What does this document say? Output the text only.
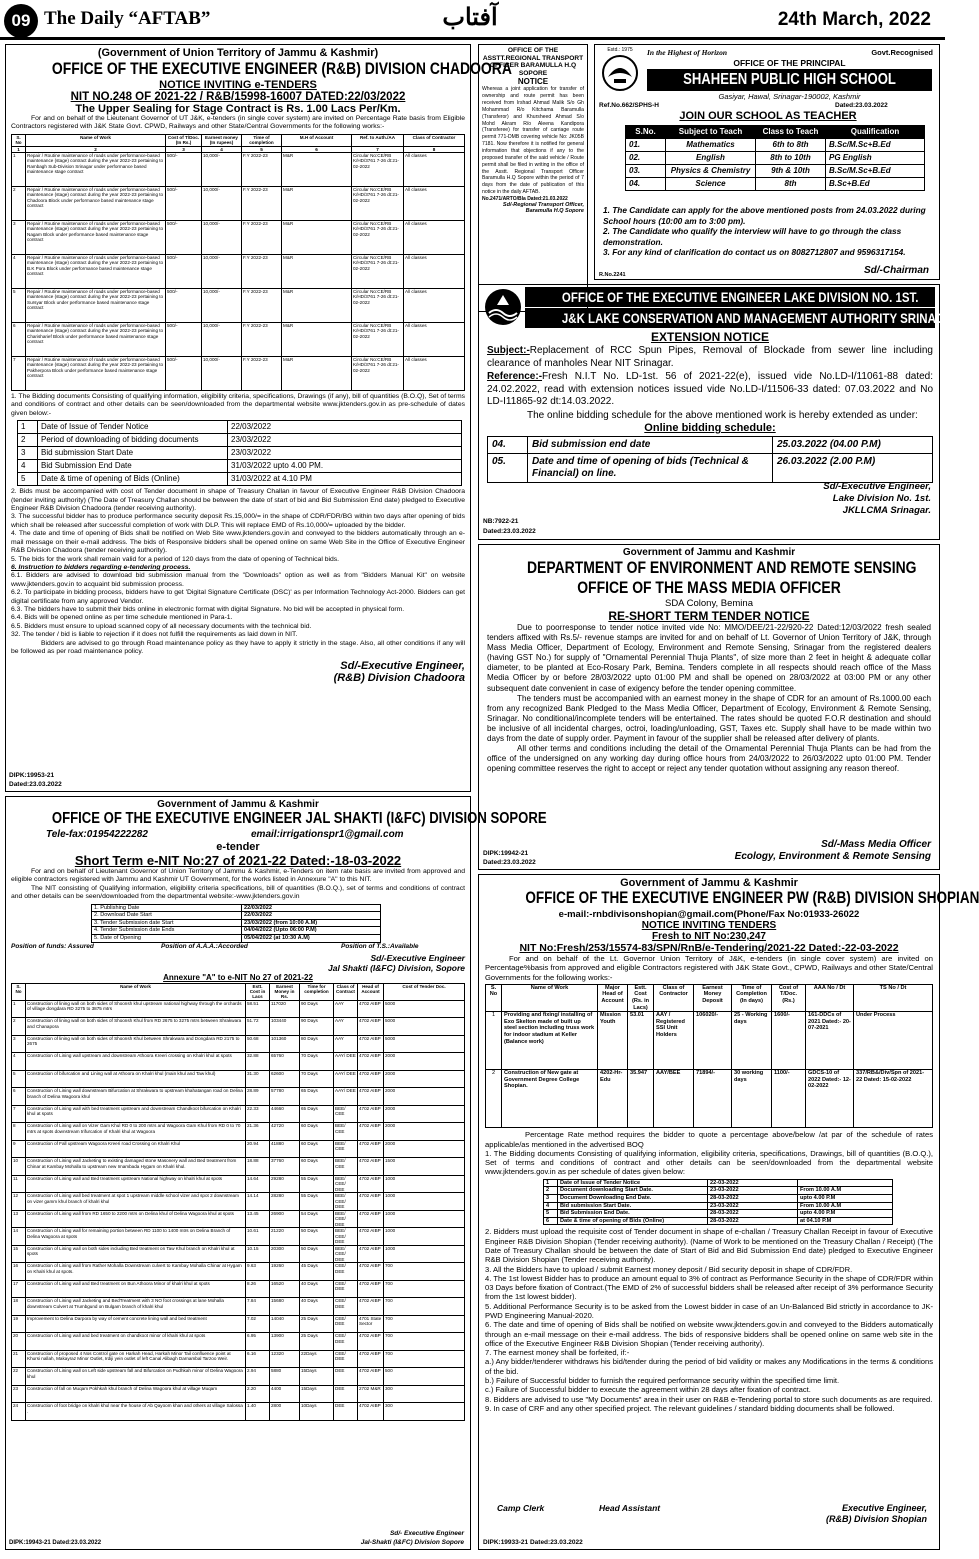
09 The Daily “AFTAB”	آفتاب	24th March, 2022
(Government of Union Territory of Jammu & Kashmir)
OFFICE OF THE EXECUTIVE ENGINEER (R&B) DIVISION CHADOORA
NOTICE INVITING e-TENDERS
NIT NO.248 OF 2021-22 / R&B/15998-16007 DATED:22/03/2022
The Upper Sealing for Stage Contract is Rs. 1.00 Lacs Per/Km.

For and on behalf of the Lieutenant Governor of UT J&K, e-tenders (in single cover system) are invited on Percentage Rate basis from Eligible Contractors registered with J&K State Govt. CPWD, Railways and other State/Central Governments for the following works:-

S. No	Name of Work	Cost of T/Doc. (In Rs.)	Earnest money (In rupees)	Time of completion	M.H of Account	Ref. to Auth./AA	Class of Contractor
1	2	3	4	5	6	7	8
1	Repair / Routine maintenance of roads under performance-based maintenance (stage) contract during the year 2022-23 pertaining to Rambagh Sub-Division Srinagar under performance based maintenance stage contract	500/-	10,000/-	F.Y 2022-23	M&R	Circular No:CE/RB K/HD/3761 7-26 dt:21-02-2022	All classes
2	Repair / Routine maintenance of roads under performance-based maintenance (stage) contract during the year 2022-23 pertaining to Chadoora Block under performance based maintenance stage contract	500/-	10,000/-	F.Y 2022-23	M&R	Circular No:CE/RB K/HD/3761 7-26 dt:21-02-2022	All classes
3	Repair / Routine maintenance of roads under performance-based maintenance (stage) contract during the year 2022-23 pertaining to Nagam Block under performance based maintenance stage contract	500/-	10,000/-	F.Y 2022-23	M&R	Circular No:CE/RB K/HD/3761 7-26 dt:21-02-2022	All classes
4	Repair / Routine maintenance of roads under performance-based maintenance (stage) contract during the year 2022-23 pertaining to B.K Pora Block under performance based maintenance stage contract	500/-	10,000/-	F.Y 2022-23	M&R	Circular No:CE/RB K/HD/3761 7-26 dt:21-02-2022	All classes
5	Repair / Routine maintenance of roads under performance-based maintenance (stage) contract during the year 2022-23 pertaining to Sursyar Block under performance based maintenance stage contract	500/-	10,000/-	F.Y 2022-23	M&R	Circular No:CE/RB K/HD/3761 7-26 dt:21-02-2022	All classes
6	Repair / Routine maintenance of roads under performance-based maintenance (stage) contract during the year 2022-23 pertaining to Charisharief Block under performance based maintenance stage contract	500/-	10,000/-	F.Y 2022-23	M&R	Circular No:CE/RB K/HD/3761 7-26 dt:21-02-2022	All classes
7	Repair / Routine maintenance of roads under performance-based maintenance (stage) contract during the year 2022-23 pertaining to Pakherpora Block under performance based maintenance stage contract	500/-	10,000/-	F.Y 2022-23	M&R	Circular No:CE/RB K/HD/3761 7-26 dt:21-02-2022	All classes

1. The Bidding documents Consisting of qualifying information, eligibility criteria, specifications, Drawings (if any), bill of quantities (B.O.Q), Set of terms and conditions of contract and other details can be seen/downloaded from the departmental website www.jktenders.gov.in as pre-schedule of dates given below:-

1	Date of Issue of Tender Notice	22/03/2022
2	Period of downloading of bidding documents	23/03/2022
3	Bid submission Start Date	23/03/2022
4	Bid Submission End Date	31/03/2022 upto 4.00 PM.
5	Date & time of opening of Bids (Online)	31/03/2022 at 4.10 PM

2. Bids must be accompanied with cost of Tender document in shape of Treasury Challan in favour of Executive Engineer R&B Division Chadoora (tender inviting authority) (The Date of Treasury Challan should be between the date of start of bid and Bid Submission End date) pledged to Executive Engineer R&B Division Chadoora (tender receiving authority).

3. The successful bidder has to produce performance security deposit Rs.15,000/= in the shape of CDR/FDR/BG within two days after opening of bids which shall be released after successful completion of work with DLP. This will replace EMD of Rs.10,000/= uploaded by the bidder.

4. The date and time of opening of Bids shall be notified on Web Site www.jktenders.gov.in and conveyed to the bidders automatically through an e-mail message on their e-mail address. The bids of Responsive bidders shall be opened online on same Web Site in the Office of Executive Engineer R&B Division Chadoora (tender receiving authority).

5. The bids for the work shall remain valid for a period of 120 days from the date of opening of Technical bids.

6. Instruction to bidders regarding e-tendering process.

6.1. Bidders are advised to download bid submission manual from the "Downloads" option as well as from "Bidders Manual Kit" on website www.jktenders.gov.in to acquaint bid submission process.

6.2. To participate in bidding process, bidders have to get 'Digital Signature Certificate (DSC)' as per Information Technology Act-2000. Bidders can get digital certificate from any approved Vendor.

6.3. The bidders have to submit their bids online in electronic format with digital Signature. No bid will be accepted in physical form.

6.4. Bids will be opened online as per time schedule mentioned in Para-1.

6.5. Bidders must ensure to upload scanned copy of all necessary documents with the technical bid.

32. The tender / bid is liable to rejection if it does not fulfill the requirements as laid down in NIT.

Bidders are advised to go through Road maintenance policy as they have to apply it strictly in the stage. Also, all other conditions if any will be followed as per road maintenance policy.

Sd/-Executive Engineer,
(R&B) Division Chadoora
DIPK:19953-21
Dated:23.03.2022
OFFICE OF THE ASSTT.REGIONAL TRANSPORT OFFICER BARAMULLA H.Q SOPORE
NOTICE

Whereas a joint application for transfer of ownership and route permit has been received from Irshad Ahmad Malik S/o Gh Mohammad R/o Kitchama Baramulla (Transferor) and Khursheed Ahmad S/o Mohd Akram R/o Aleena Kandipora (Transferee) for transfer of carriage route permit 771-DMB covering vehicle No: JK05B 7181. Now therefore it is notified for general information that objections if any to the proposed transfer of the said vehicle / Route permit shall be filed in writing in the office of the Asstt. Regional Transport Officer Baramulla H.Q Sopore within the period of 7 days from the date of publication of this notice in the daily AFTAB.

No.2471/ARTO/Bla Dated:21.03.2022

Sd/-Regional Transport Officer, Baramulla H.Q Sopore

Estd.: 1975	In the Highest of Horizon	Govt.Recognised
OFFICE OF THE PRINCIPAL
SHAHEEN PUBLIC HIGH SCHOOL
Gasiyar, Hawal, Srinagar-190002, Kashmir
Ref.No.662/SPHS-H	Dated:23.03.2022
JOIN OUR SCHOOL AS TEACHER
S.No.	Subject to Teach	Class to Teach	Qualification
01.	Mathematics	6th to 8th	B.Sc/M.Sc+B.Ed
02.	English	8th to 10th	PG English
03.	Physics & Chemistry	9th & 10th	B.Sc/M.Sc+B.Ed
04.	Science	8th	B.Sc+B.Ed

1. The Candidate can apply for the above mentioned posts from 24.03.2022 during School hours (10:00 am to 3:00 pm).

2. The Candidate who qualify the interview will have to go through the class demonstration.

3. For any kind of clarification do contact us on 8082712807 and 9596317154.

Sd/-Chairman
R.No.2241
OFFICE OF THE EXECUTIVE ENGINEER LAKE DIVISION NO. 1ST.
J&K LAKE CONSERVATION AND MANAGEMENT AUTHORITY SRINAGAR
EXTENSION NOTICE

Subject:-Replacement of RCC Spun Pipes, Removal of Blockade from sewer line including clearance of manholes Near NIT Srinagar.

Reference:-Fresh N.I.T No. LD-1st. 56 of 2021-22(e), issued vide No.LD-I/11061-88 dated: 24.02.2022, read with extension notices issued vide No.LD-I/11506-33 dated: 07.03.2022 and No LD-I11865-92 dt:14.03.2022.

The online bidding schedule for the above mentioned work is hereby extended as under:

Online bidding schedule:
04.	Bid submission end date	25.03.2022 (04.00 P.M)
05.	Date and time of opening of bids (Technical & Financial) on line.	26.03.2022 (2.00 P.M)
Sd/-Executive Engineer,
Lake Division No. 1st.
JKLLCMA Srinagar.
NB:7922-21
Dated:23.03.2022
Government of Jammu & Kashmir
OFFICE OF THE EXECUTIVE ENGINEER JAL SHAKTI (I&FC) DIVISION SOPORE
Tele-fax:01954222282	email:irrigationspr1@gmail.com
e-tender
Short Term e-NIT No:27 of 2021-22 Dated:-18-03-2022

For and on behalf of Lieutenant Governor of Union Territory of Jammu & Kashmir, e-Tenders on item rate basis are invited from approved and eligible contractors registered with Jammu and Kashmir UT Government, for the works listed in Annexure "A" to this NIT.

The NIT consisting of Qualifying information, eligibility criteria specifications, bill of quantities (B.O.Q.), set of terms and conditions of contract and other details can be seen/downloaded from the departmental website:-www.jktenders.gov.in

1. Publishing Date	22/03/2022
2. Download Date Start	22/03/2022
3. Tender Submission date Start	23/03/2022 (from 10:00 A.M)
4. Tender Submission date Ends	04/04/2022 (Upto 06:00 P.M)
5. Date of Opening	05/04/2022 (at 10:30 A.M)
Position of funds: Assured	Position of A.A.A.:Accorded	Position of T.S.:Available
Sd/-Executive Engineer
Jal Shakti (I&FC) Division, Sopore
Annexure "A" to e-NIT No 27 of 2021-22
S. No	Name of Work	Estt. Cost in Lacs	Earnest Money in Rs.	Time for completion	Class of Contract	Head of Account	Cost of Tender Doc.
1	Construction of lining wall on both sides of Shoonsh khul upstream national highway through the orchards of village dongdara RD 3275 to 3875 mtrs	58.51	117020	90 Days	AAY	4702 AIBP	5000
2	Construction of lining wall on both sides of Shoonsh Khul from RD 2675 to 3275 mtrs between Shrakwara and Chanapora	51.72	103440	90 Days	AAY	4702 AIBP	5000
3	Construction of lining wall on both sides of Shoonsh Khul between Shrakwara and Dongdara RD 2175 to 2675	50.68	101360	80 Days	AAY	4702 AIBP	5000
4	Construction of Lining wall upstream and downstream Athoora Kreeri crossing on Khalri khul at spots	32.88	65760	70 Days	AAY/ DEE	4702 AIBP	2000
5	Construction of bifurcation and Lining wall at Athoora on Khalri khul (main khul and Taw khul)	31.30	62600	70 Days	AAY/ DEE	4702 AIBP	2000
6	Construction of Lining wall downstream Bifurcation at Shrakwara to upstream khahatangan road on Delina branch of Delina Wagoora khul	28.89	57780	65 Days	AAY/ DEE	4702 AIBP	2000
7	Construction of Lining wall with bed treatment upstream and downstream Chandkoot bifurcation on Khalri khul at spots	22.33	44660	65 Days	BEE/ CEE	4702 AIBP	2000
8	Construction of Lining wall on Vizer Gam Khul RD 0 to 200 mtrs and Wagoora Gam Khul from RD 0 to 70 mtrs at spots downstream trifurcation of Khalri khul at Wagoora	21.36	42720	60 Days	BEE/ CEE	4702 AIBP	2000
9	Construction of Fall upstream Wagoora Kreeri road Crossing on Khalri Khul	20.94	41880	60 Days	BEE/ CEE	4702 AIBP	2000
10	Construction of Lining wall Jacketing to existing damaged stone Masonery wall and Bed treatment from Chinar at Kambay Mohalla to upstream new Imambada Hygam on Khalri khul.	18.88	37760	60 Days	BEE/ CEE	4702 AIBP	1500
11	Construction of Lining wall and Bed treatment upstream National highway on khalri khul at spots	14.64	29280	55 Days	BEE/ CEE/ DEE	4702 AIBP	1000
12	Construction of Lining wall bed treatment at spot 1 upstream middle school vizer and spot 2 downstream on vizer gamm khul branch of khalri khul	14.14	28280	55 Days	BEE/ CEE/ DEE	4702 AIBP	1000
13	Construction of Lining wall from RD 1650 to 2200 mtrs on Delina khul of Delina Wagoora khul at spots	13.45	26900	54 Days	BEE/ CEE/ DEE	4702 AIBP	1000
14	Construction of Lining wall for remaining portion between RD 1100 to 1400 mtrs on Delina Branch of Delina Wagoora at spots	10.61	21220	50 Days	BEE/ CEE/ DEE	4702 AIBP	1000
15	Construction of Lining wall on both sides including Bed treatment on Taw Khul branch on Khalri khul at spots	10.15	20300	50 Days	BEE/ CEE/ DEE	4702 AIBP	1000
16	Construction of Lining wall from Rather Mohalla Downstream culvert to Kambay Mohalla Chinar at Hygam on Khalri khul at spots.	9.63	19260	45 Days	CEE/ DEE	4702 AIBP	700
17	Construction of Lining wall and Bed treatment on Bun Athoora Minor of khalri khul at spots	8.26	16520	40 Days	CEE/ DEE	4702 AIBP	700
18	Construction of Lining wall Jacketing and BedTreatment with 3 NO foot crossings at lane Mohalla downstream Culvert at Trumbgund on Bulgam branch of khalri khul	7.84	15680	40 Days	CEE/ DEE	4702 AIBP	700
19	Improvement to Delina Darpora by way of cement concrete lining wall and bed treatment	7.02	14040	25 Days	CEE/ DEE	4701 State Sector	700
20	Construction of Lining wall and bed treatment on chandkoot minor of khalri khul at spots	6.95	13900	25 Days	CEE/ DEE	4702 AIBP	700
21	Construction of proposed 4 Nos Control gate on Harkah Head, Harkah Minor Tail confluence point at Khursi nallah, Makayraz Minor Outlet, Irdiji yein outlet of left Canal Alibagh Darnambal Tarzoo Weir.	6.16	12320	22Days	CEE/ DEE	4702 AIBP	700
22	Construction of Lining wall on Left side upstream fall and Bifurcation on Pudhkah minor of Delina Wagoora khul	2.94	5880	15Days	DEE	4702 AIBP	500
23	Construction of fall on Muqam Pokhkah khul branch of Delina Wagoora khul at village Muqam	2.20	4400	15Days	DEE	2702 M&R	300
24	Construction of foot bridge on khalri khul near the house of Ab Qayoom khan and others at village Salossa .	1.40	2800	10Days	DEE	4702 AIBP	300
DIPK:19943-21 Dated:23.03.2022
Sd/- Executive Engineer
Jal-Shakti (I&FC) Division Sopore
Government of Jammu and Kashmir
DEPARTMENT OF ENVIRONMENT AND REMOTE SENSING
OFFICE OF THE MASS MEDIA OFFICER
SDA Colony, Bemina
RE-SHORT TERM TENDER NOTICE

Due to poorresponse to tender notice invited vide No: MMO/DEE/21-22/920-22 Dated:12/03/2022 fresh sealed tenders affixed with Rs.5/- revenue stamps are invited for and on behalf of Lt. Governor of Union Territory of J&K, through Mass Media Officer, Department of Ecology, Environment and Remote Sensing, Srinagar from the registered dealers (having GST No.) for supply of "Ornamental Perennial Thuja Plants", of size more than 2 feet in height & adequate collar diameter, to be planted at Eco-Rosary Park, Bemina. Tenders complete in all respects should reach office of the Mass Media Officer by or before 28/03/2022 upto 01:00 PM and shall be opened on 28/03/2022 at 03:00 PM or any other subsequent date convenient in case of exigency before the tender opening committee.

The tenders must be accompanied with an earnest money in the shape of CDR for an amount of Rs.1000.00 each from any recognized Bank Pledged to the Mass Media Officer, Department of Ecology, Environment & Remote Sensing, Srinagar. No conditional/incomplete tenders will be entertained. The rates should be quoted F.O.R destination and should be inclusive of all incidental charges, octroi, loading/unloading, GST, Taxes etc. Supply shall have to be made within two days from the date of supply order. Payment in favour of the supplier shall be released after delivery of plants.

All other terms and conditions including the detail of the Ornamental Perennial Thuja Plants can be had from the office of the undersigned on any working day during office hours from 24/03/2022 to 26/03/2022 upto 01:00 PM. Tender opening committee reserves the right to accept or reject any tender quotation without assigning any reason thereof.

Sd/-Mass Media Officer
Ecology, Environment & Remote Sensing
DIPK:19942-21
Dated:23.03.2022
Government of Jammu & Kashmir
OFFICE OF THE EXECUTIVE ENGINEER PW (R&B) DIVISION SHOPIAN
e-mail:-rnbdivisonshopian@gmail.com(Phone/Fax No:01933-26022
NOTICE INVITING TENDERS
Fresh to NIT No:230,247
NIT No:Fresh/253/15574-83/SPN/RnB/e-Tendering/2021-22 Dated:-22-03-2022

For and on behalf of the Lt. Governor Union Territory of J&K, e-tenders (in single cover system) are invited on Percentage%basis from approved and eligible Contractors registered with J&K State Govt., CPWD, Railways and other State/Central Governments for the following works:-

S. No	Name of Work	Major Head of Account	Estt. Cost (Rs. in Lacs)	Class of Contractor	Earnest Money Deposit	Time of Completion (In days)	Cost of T/Doc. (Rs.)	AAA No / Dt	TS No / Dt
1	Providing and fixing/ installing of Exo Skelton made of built up steel section including truss work for indoor stadium at Keller (Balance work)	Mission Youth	53.01	AAY / Registered SSI Unit Holders	106020/-	25 - Working days	1600/-	161-DDCs of 2021 Dated:- 20-07-2021	Under Process
2	Construction of New gate at Government Degree College Shopian.	4202-Hr-Edu	35.947	AAY/BEE	71894/-	30 working days	1100/-	GDCS-10 of 2022 Dated:- 12-02-2022	337/RB&/Div/Spn of 2021-22 Dated: 15-02-2022

Percentage Rate method requires the bidder to quote a percentage above/below /at par of the schedule of rates applicable/as mentioned in the advertised BOQ

1. The Bidding documents Consisting of qualifying information, eligibility criteria, specifications, Drawings, bill of quantities (B.O.Q.), Set of terms and conditions of contract and other details can be seen/downloaded from the departmental website www.jktenders.gov.in as per schedule of dates given below:

1	Date of Issue of Tender Notice	22-03-2022	
2	Document downloading Start Date.	23-03-2022	From 10.00 A.M
3	Document Downloading End Date.	28-03-2022	upto 4.00 P.M
4	Bid submission Start Date.	23-03-2022	From 10.00 A.M
5	Bid Submission End Date.	28-03-2022	upto 4.00 P.M
6	Date & time of opening of Bids (Online)	28-03-2022	at 04.10 P.M

2. Bidders must upload the requisite cost of Tender document in shape of e-challan / Treasury Challan Receipt in favour of Executive Engineer R&B Division Shopian (Tender receiving authority). (Name of Work to be mentioned on the Treasury Challan / Receipt) (The Date of Treasury Challan should be between the date of Start of Bid and Bid Submission End date) pledged to Executive Engineer R&B Division Shopian (Tender receiving authority).

3. All the Bidders have to upload / submit Earnest money deposit / Bid security deposit in shape of CDR/FDR.

4. The 1st lowest Bidder has to produce an amount equal to 3% of contract as Performance Security in the shape of CDR/FDR within 03 Days before fixation of Contract.(The EMD of 2% of successful bidders shall be released after receipt of 3% performance Security from the 1st lowest bidder).

5. Additional Performance Security is to be asked from the Lowest bidder in case of an Un-Balanced Bid strictly in accordance to JK-PWD Engineering Manual-2020.

6. The date and time of opening of Bids shall be notified on website www.jktenders.gov.in and conveyed to the Bidders automatically through an e-mail message on their e-mail address. The bids of responsive bidders shall be opened online on same web site in the office of the Executive Engineer R&B Division Shopian (Tender receiving authority).

7. The earnest money shall be forfeited, if:-

a.) Any bidder/tenderer withdraws his bid/tender during the period of bid validity or makes any Modifications in the terms & conditions of the bid.

b.) Failure of Successful bidder to furnish the required performance security within the specified time limit.

c.) Failure of Successful bidder to execute the agreement within 28 days after fixation of contract.

8. Bidders are advised to use "My Documents" area in their user on R&B e-Tendering portal to store such documents as are required.

9. In case of CRF and any other specified project. The relevant guidelines / standard bidding documents shall be followed.

Camp Clerk	Head Assistant	Executive Engineer,
(R&B) Division Shopian
DIPK:19933-21 Dated:23.03.2022
